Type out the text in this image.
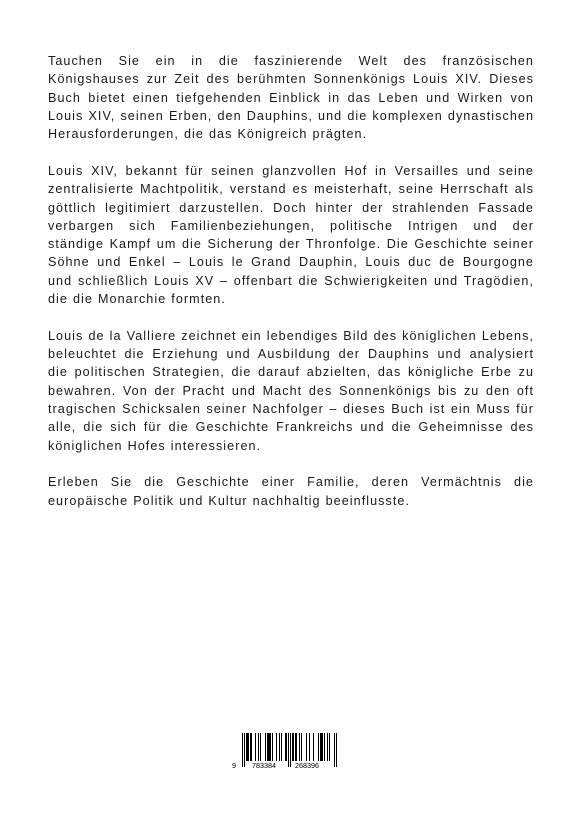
Tauchen Sie ein in die faszinierende Welt des französischen Königshauses zur Zeit des berühmten Sonnenkönigs Louis XIV. Dieses Buch bietet einen tiefgehenden Einblick in das Leben und Wirken von Louis XIV, seinen Erben, den Dauphins, und die komplexen dynastischen Herausforderungen, die das Königreich prägten.

Louis XIV, bekannt für seinen glanzvollen Hof in Versailles und seine zentralisierte Machtpolitik, verstand es meisterhaft, seine Herrschaft als göttlich legitimiert darzustellen. Doch hinter der strahlenden Fassade verbargen sich Familienbeziehungen, politische Intrigen und der ständige Kampf um die Sicherung der Thronfolge. Die Geschichte seiner Söhne und Enkel – Louis le Grand Dauphin, Louis duc de Bourgogne und schließlich Louis XV – offenbart die Schwierigkeiten und Tragödien, die die Monarchie formten.

Louis de la Valliere zeichnet ein lebendiges Bild des königlichen Lebens, beleuchtet die Erziehung und Ausbildung der Dauphins und analysiert die politischen Strategien, die darauf abzielten, das königliche Erbe zu bewahren. Von der Pracht und Macht des Sonnenkönigs bis zu den oft tragischen Schicksalen seiner Nachfolger – dieses Buch ist ein Muss für alle, die sich für die Geschichte Frankreichs und die Geheimnisse des königlichen Hofes interessieren.

Erleben Sie die Geschichte einer Familie, deren Vermächtnis die europäische Politik und Kultur nachhaltig beeinflusste.

9 783384	268396
